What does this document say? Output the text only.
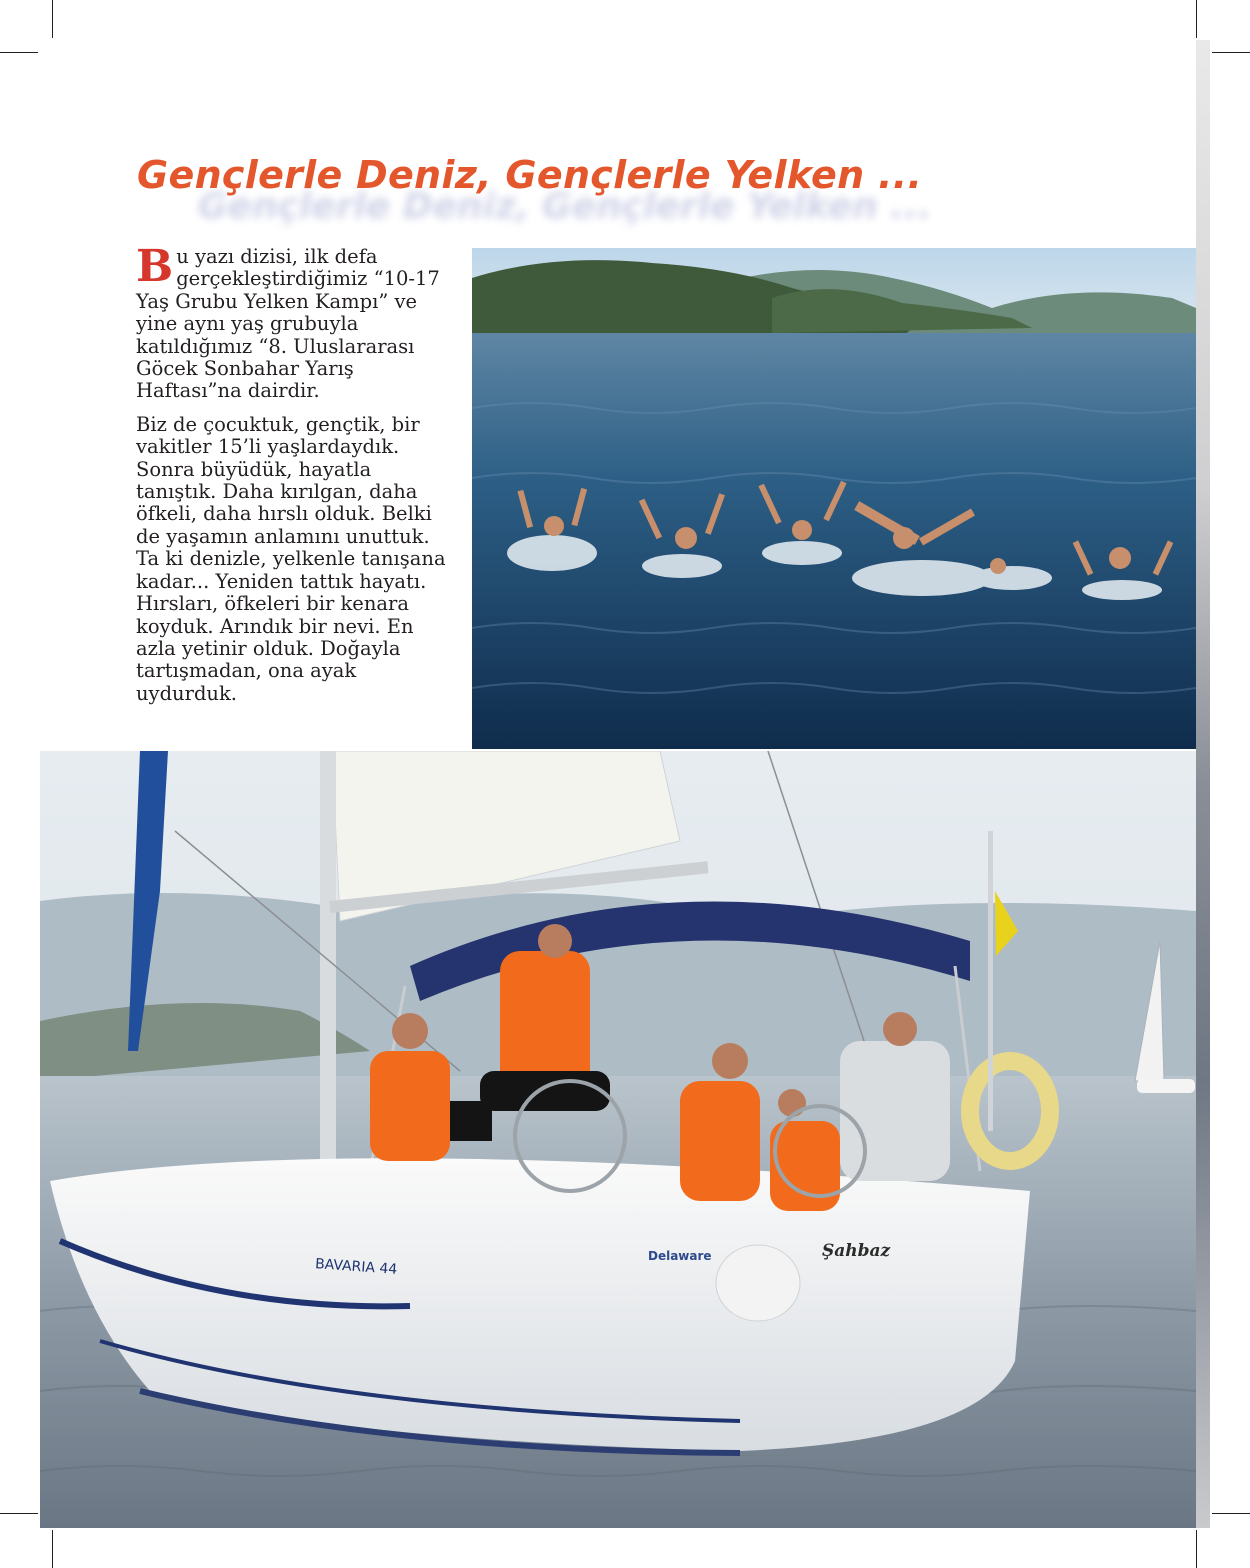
Gençlerle Deniz, Gençlerle Yelken ...
Gençlerle Deniz, Gençlerle Yelken ...

Bu yazı dizisi, ilk defa gerçekleştirdiğimiz “10-17 Yaş Grubu Yelken Kampı” ve yine aynı yaş grubuyla katıldığımız “8. Uluslararası Göcek Sonbahar Yarış Haftası”na dairdir.

Biz de çocuktuk, gençtik, bir vakitler 15’li yaşlardaydık. Sonra büyüdük, hayatla tanıştık. Daha kırılgan, daha öfkeli, daha hırslı olduk. Belki de yaşamın anlamını unuttuk. Ta ki denizle, yelkenle tanışana kadar... Yeniden tattık hayatı. Hırsları, öfkeleri bir kenara koyduk. Arındık bir nevi. En azla yetinir olduk. Doğayla tartışmadan, ona ayak uydurduk.

BAVARIA 44
Şahbaz
Delaware
